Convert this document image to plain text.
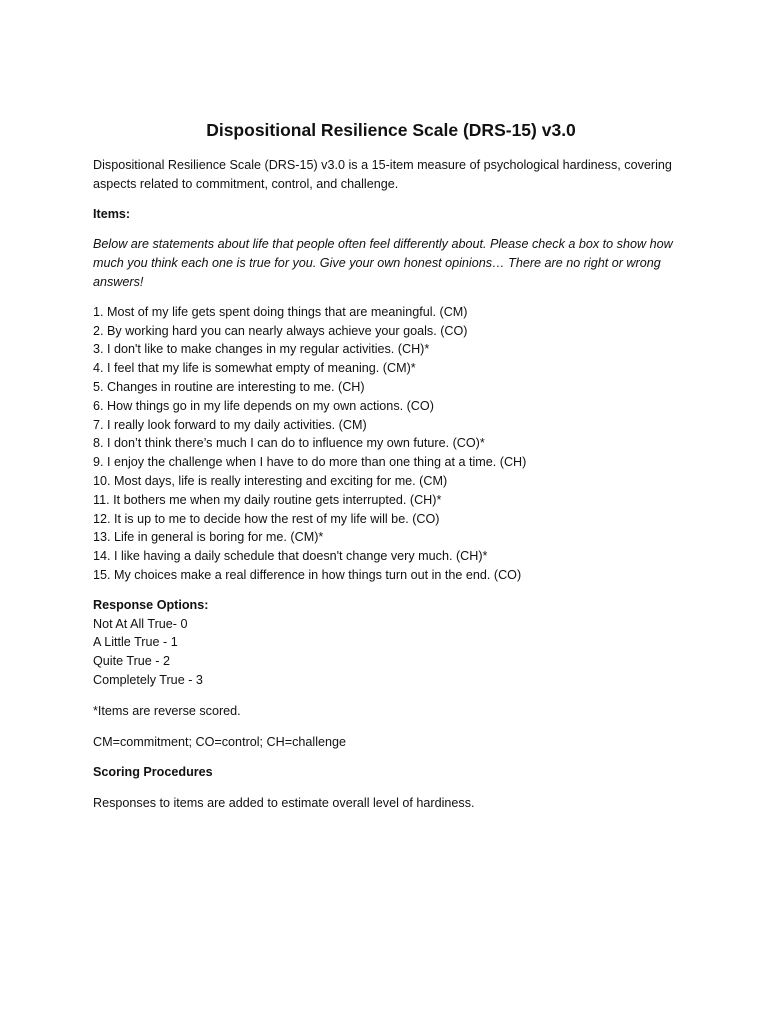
Dispositional Resilience Scale (DRS-15) v3.0

Dispositional Resilience Scale (DRS-15) v3.0 is a 15-item measure of psychological hardiness, covering aspects related to commitment, control, and challenge.

Items:

Below are statements about life that people often feel differently about. Please check a box to show how much you think each one is true for you. Give your own honest opinions… There are no right or wrong answers!

1. Most of my life gets spent doing things that are meaningful. (CM)
2. By working hard you can nearly always achieve your goals. (CO)
3. I don't like to make changes in my regular activities. (CH)*
4. I feel that my life is somewhat empty of meaning. (CM)*
5. Changes in routine are interesting to me. (CH)
6. How things go in my life depends on my own actions. (CO)
7. I really look forward to my daily activities. (CM)
8. I don’t think there’s much I can do to influence my own future. (CO)*
9. I enjoy the challenge when I have to do more than one thing at a time. (CH)
10. Most days, life is really interesting and exciting for me. (CM)
11. It bothers me when my daily routine gets interrupted. (CH)*
12. It is up to me to decide how the rest of my life will be. (CO)
13. Life in general is boring for me. (CM)*
14. I like having a daily schedule that doesn't change very much. (CH)*
15. My choices make a real difference in how things turn out in the end. (CO)

Response Options:

Not At All True- 0
A Little True - 1
Quite True - 2
Completely True - 3

*Items are reverse scored.

CM=commitment; CO=control; CH=challenge

Scoring Procedures

Responses to items are added to estimate overall level of hardiness.
